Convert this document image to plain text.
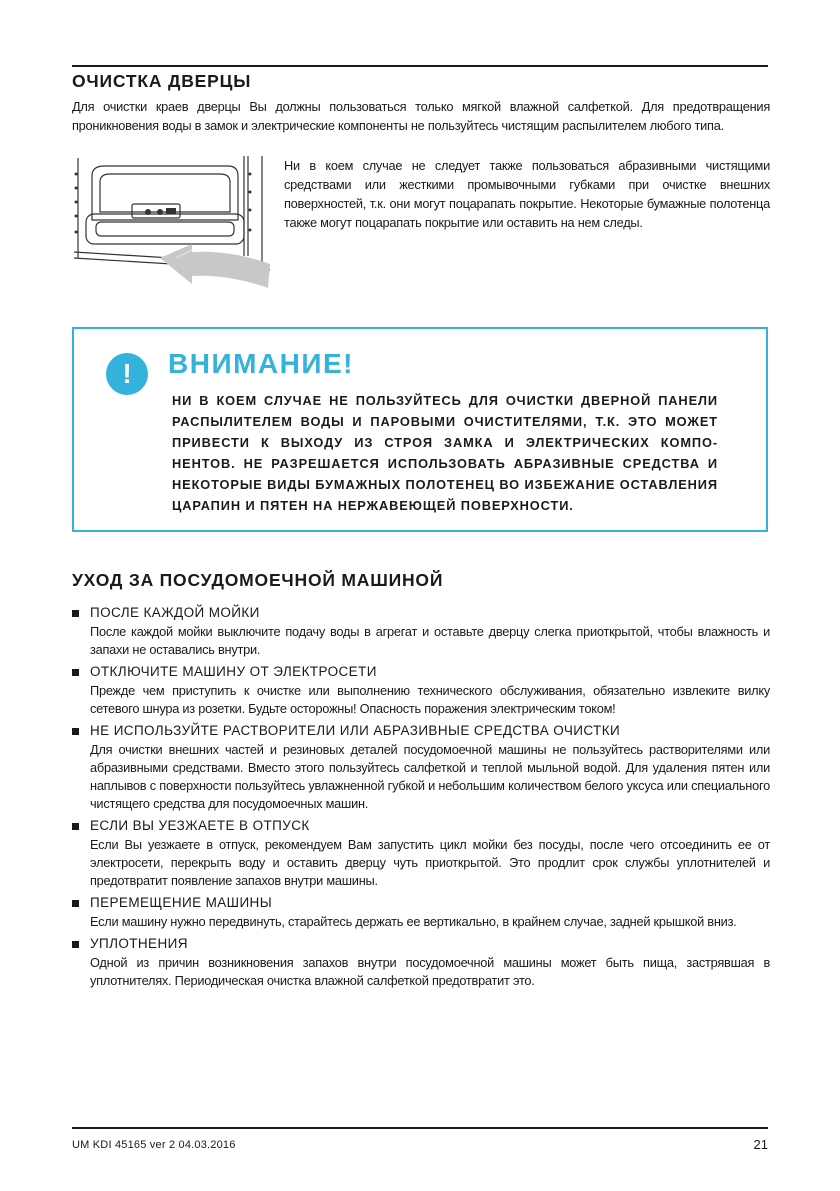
ОЧИСТКА ДВЕРЦЫ
Для очистки краев дверцы Вы должны пользоваться только мягкой влажной салфеткой. Для предотвращения проникновения воды в замок и электрические компоненты не пользуйтесь чистящим распылителем любого типа.
Ни в коем случае не следует также пользоваться абразивными чистящими средствами или жесткими промывочными губками при очистке внешних поверхностей, т.к. они могут поцарапать покрытие. Некоторые бумажные полотенца также могут поцарапать покрытие или оставить на нем следы.
!	ВНИМАНИЕ!
НИ В КОЕМ СЛУЧАЕ НЕ ПОЛЬЗУЙТЕСЬ ДЛЯ ОЧИСТКИ ДВЕРНОЙ ПАНЕЛИ РАСПЫЛИТЕЛЕМ ВОДЫ И ПАРОВЫМИ ОЧИСТИТЕЛЯМИ, Т.К. ЭТО МОЖЕТ ПРИВЕСТИ К ВЫХОДУ ИЗ СТРОЯ ЗАМКА И ЭЛЕКТРИЧЕСКИХ КОМПО-НЕНТОВ. НЕ РАЗРЕШАЕТСЯ ИСПОЛЬЗОВАТЬ АБРАЗИВНЫЕ СРЕДСТВА И НЕКОТОРЫЕ ВИДЫ БУМАЖНЫХ ПОЛОТЕНЕЦ ВО ИЗБЕЖАНИЕ ОСТАВЛЕНИЯ ЦАРАПИН И ПЯТЕН НА НЕРЖАВЕЮЩЕЙ ПОВЕРХНОСТИ.
УХОД ЗА ПОСУДОМОЕЧНОЙ МАШИНОЙ
ПОСЛЕ КАЖДОЙ МОЙКИ
После каждой мойки выключите подачу воды в агрегат и оставьте дверцу слегка приоткрытой, чтобы влажность и запахи не оставались внутри.
ОТКЛЮЧИТЕ МАШИНУ ОТ ЭЛЕКТРОСЕТИ
Прежде чем приступить к очистке или выполнению технического обслуживания, обязательно извлеките вилку сетевого шнура из розетки. Будьте осторожны! Опасность поражения электрическим током!
НЕ ИСПОЛЬЗУЙТЕ РАСТВОРИТЕЛИ ИЛИ АБРАЗИВНЫЕ СРЕДСТВА ОЧИСТКИ
Для очистки внешних частей и резиновых деталей посудомоечной машины не пользуйтесь растворителями или абразивными средствами. Вместо этого пользуйтесь салфеткой и теплой мыльной водой. Для удаления пятен или наплывов с поверхности пользуйтесь увлажненной губкой и небольшим количеством белого уксуса или специального чистящего средства для посудомоечных машин.
ЕСЛИ ВЫ УЕЗЖАЕТЕ В ОТПУСК
Если Вы уезжаете в отпуск, рекомендуем Вам запустить цикл мойки без посуды, после чего отсоединить ее от электросети, перекрыть воду и оставить дверцу чуть приоткрытой. Это продлит срок службы уплотнителей и предотвратит появление запахов внутри машины.
ПЕРЕМЕЩЕНИЕ МАШИНЫ
Если машину нужно передвинуть, старайтесь держать ее вертикально, в крайнем случае, задней крышкой вниз.
УПЛОТНЕНИЯ
Одной из причин возникновения запахов внутри посудомоечной машины может быть пища, застрявшая в уплотнителях. Периодическая очистка влажной салфеткой предотвратит это.
UM KDI 45165 ver 2 04.03.2016	21
